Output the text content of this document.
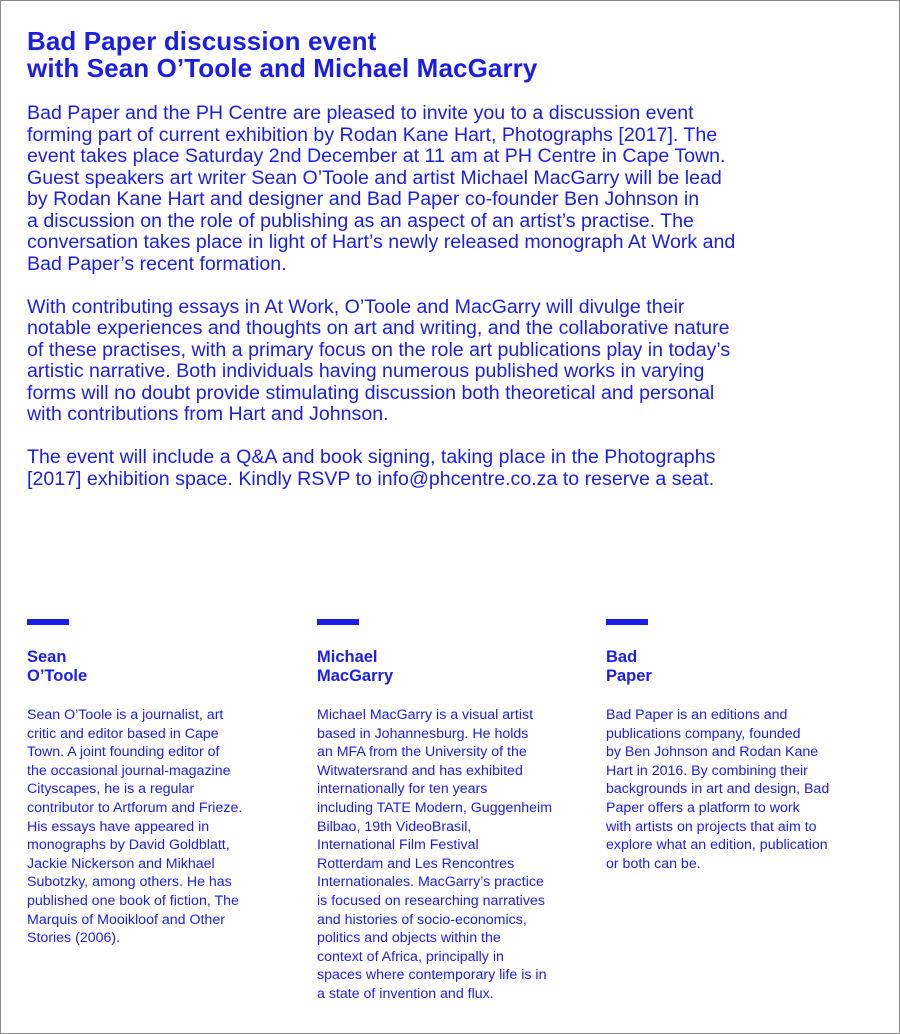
Bad Paper discussion event
with Sean O’Toole and Michael MacGarry

Bad Paper and the PH Centre are pleased to invite you to a discussion event
forming part of current exhibition by Rodan Kane Hart, Photographs [2017]. The
event takes place Saturday 2nd December at 11 am at PH Centre in Cape Town.
Guest speakers art writer Sean O’Toole and artist Michael MacGarry will be lead
by Rodan Kane Hart and designer and Bad Paper co-founder Ben Johnson in
a discussion on the role of publishing as an aspect of an artist’s practise. The
conversation takes place in light of Hart’s newly released monograph At Work and
Bad Paper’s recent formation.

With contributing essays in At Work, O’Toole and MacGarry will divulge their
notable experiences and thoughts on art and writing, and the collaborative nature
of these practises, with a primary focus on the role art publications play in today’s
artistic narrative. Both individuals having numerous published works in varying
forms will no doubt provide stimulating discussion both theoretical and personal
with contributions from Hart and Johnson.

The event will include a Q&A and book signing, taking place in the Photographs
[2017] exhibition space. Kindly RSVP to info@phcentre.co.za to reserve a seat.

Sean
O’Toole

Sean O’Toole is a journalist, art
critic and editor based in Cape
Town. A joint founding editor of
the occasional journal-magazine
Cityscapes, he is a regular
contributor to Artforum and Frieze.
His essays have appeared in
monographs by David Goldblatt,
Jackie Nickerson and Mikhael
Subotzky, among others. He has
published one book of fiction, The
Marquis of Mooikloof and Other
Stories (2006).

Michael
MacGarry

Michael MacGarry is a visual artist
based in Johannesburg. He holds
an MFA from the University of the
Witwatersrand and has exhibited
internationally for ten years
including TATE Modern, Guggenheim
Bilbao, 19th VideoBrasil,
International Film Festival
Rotterdam and Les Rencontres
Internationales. MacGarry’s practice
is focused on researching narratives
and histories of socio-economics,
politics and objects within the
context of Africa, principally in
spaces where contemporary life is in
a state of invention and flux.

Bad
Paper

Bad Paper is an editions and
publications company, founded
by Ben Johnson and Rodan Kane
Hart in 2016. By combining their
backgrounds in art and design, Bad
Paper offers a platform to work
with artists on projects that aim to
explore what an edition, publication
or both can be.
